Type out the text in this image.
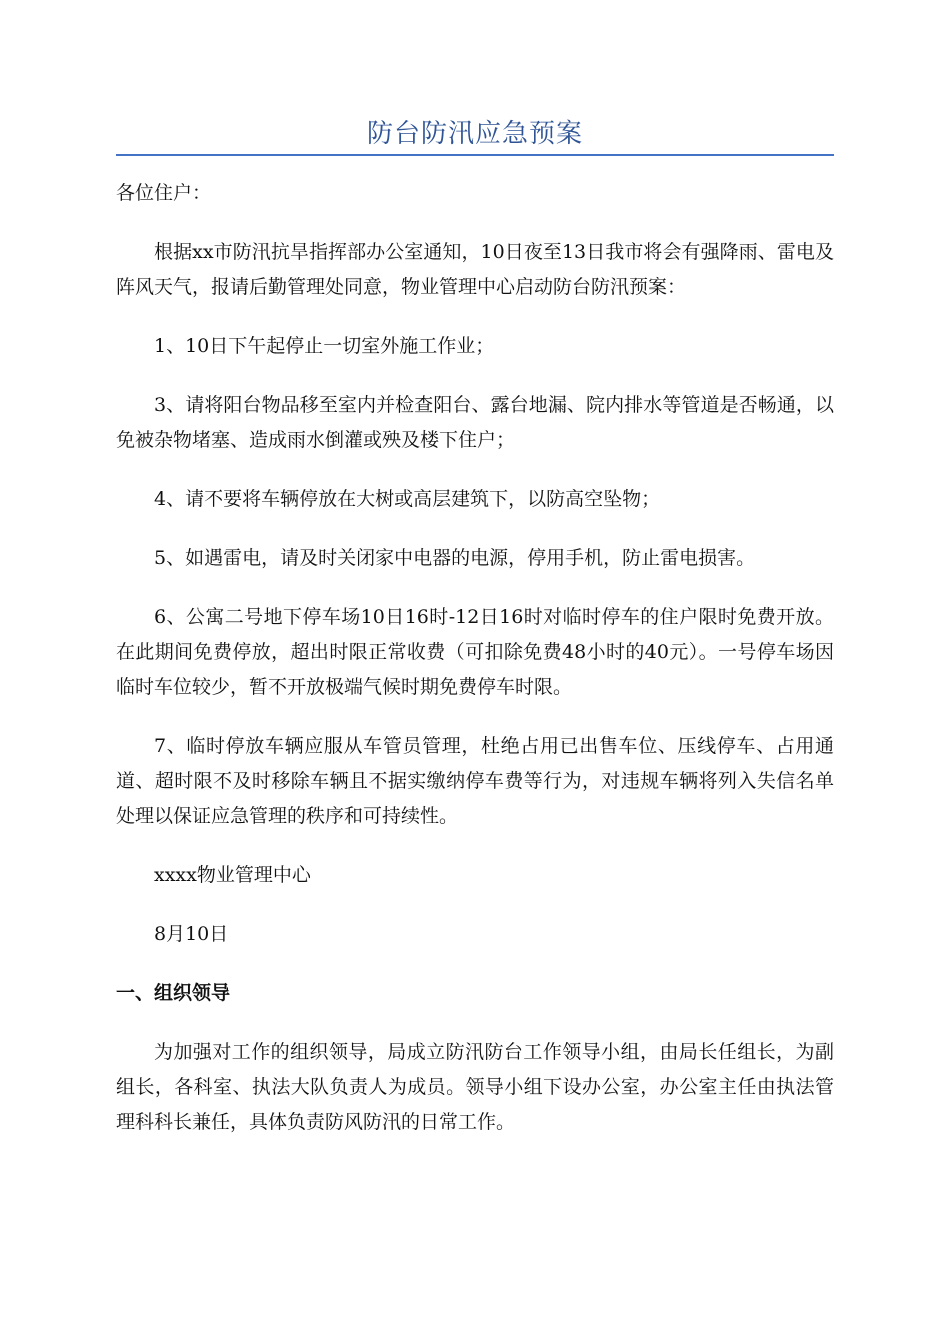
防台防汛应急预案

各位住户：

根据xx市防汛抗旱指挥部办公室通知，10日夜至13日我市将会有强降雨、雷电及阵风天气，报请后勤管理处同意，物业管理中心启动防台防汛预案：

1、10日下午起停止一切室外施工作业；

3、请将阳台物品移至室内并检查阳台、露台地漏、院内排水等管道是否畅通，以免被杂物堵塞、造成雨水倒灌或殃及楼下住户；

4、请不要将车辆停放在大树或高层建筑下，以防高空坠物；

5、如遇雷电，请及时关闭家中电器的电源，停用手机，防止雷电损害。

6、公寓二号地下停车场10日16时-12日16时对临时停车的住户限时免费开放。在此期间免费停放，超出时限正常收费（可扣除免费48小时的40元）。一号停车场因临时车位较少，暂不开放极端气候时期免费停车时限。

7、临时停放车辆应服从车管员管理，杜绝占用已出售车位、压线停车、占用通道、超时限不及时移除车辆且不据实缴纳停车费等行为，对违规车辆将列入失信名单处理以保证应急管理的秩序和可持续性。

xxxx物业管理中心

8月10日

一、组织领导

为加强对工作的组织领导，局成立防汛防台工作领导小组，由局长任组长，为副组长，各科室、执法大队负责人为成员。领导小组下设办公室，办公室主任由执法管理科科长兼任，具体负责防风防汛的日常工作。
